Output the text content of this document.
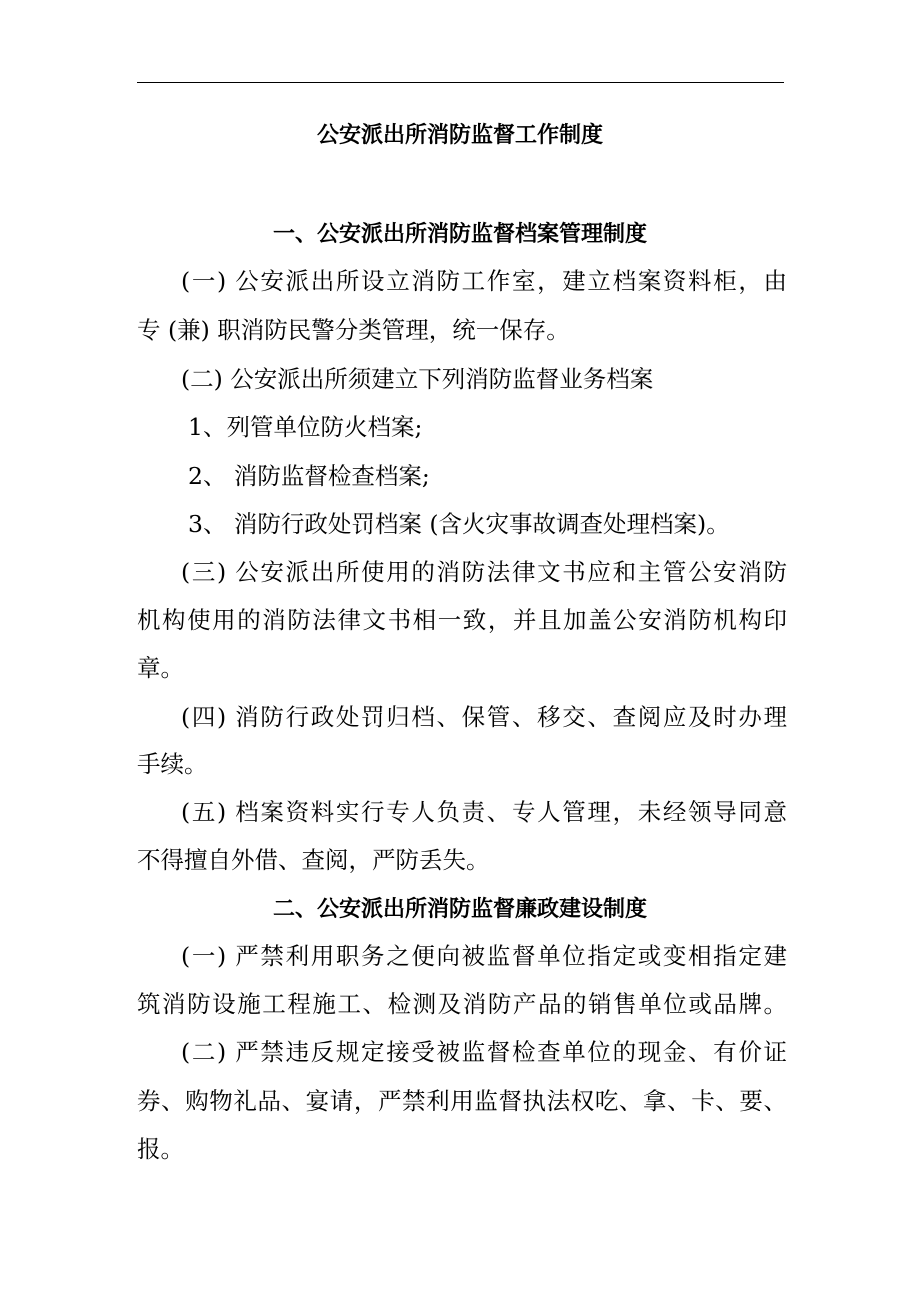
公安派出所消防监督工作制度
一、公安派出所消防监督档案管理制度
(一) 公安派出所设立消防工作室，建立档案资料柜，由
专 (兼) 职消防民警分类管理，统一保存。
(二) 公安派出所须建立下列消防监督业务档案
1、列管单位防火档案;
2、 消防监督检查档案;
3、 消防行政处罚档案 (含火灾事故调查处理档案)。
(三) 公安派出所使用的消防法律文书应和主管公安消防
机构使用的消防法律文书相一致，并且加盖公安消防机构印
章。
(四) 消防行政处罚归档、保管、移交、查阅应及时办理
手续。
(五) 档案资料实行专人负责、专人管理，未经领导同意
不得擅自外借、查阅，严防丢失。
二、公安派出所消防监督廉政建设制度
(一) 严禁利用职务之便向被监督单位指定或变相指定建
筑消防设施工程施工、检测及消防产品的销售单位或品牌。
(二) 严禁违反规定接受被监督检查单位的现金、有价证
券、购物礼品、宴请，严禁利用监督执法权吃、拿、卡、要、
报。
